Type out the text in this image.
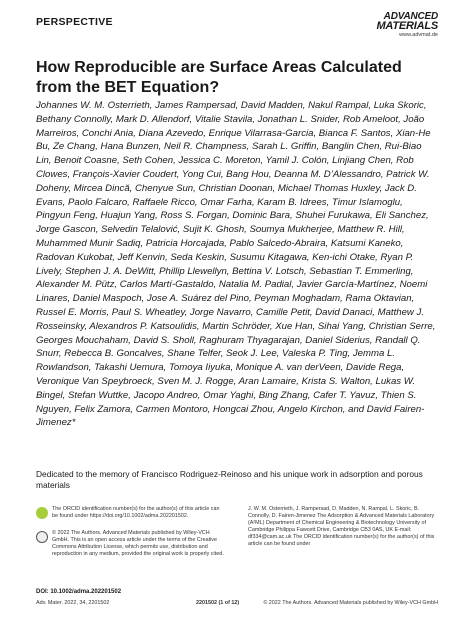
PERSPECTIVE	ADVANCED
MATERIALS
www.advmat.de
How Reproducible are Surface Areas Calculated from the BET Equation?

Johannes W. M. Osterrieth, James Rampersad, David Madden, Nakul Rampal, Luka Skoric, Bethany Connolly, Mark D. Allendorf, Vitalie Stavila, Jonathan L. Snider, Rob Ameloot, João Marreiros, Conchi Ania, Diana Azevedo, Enrique Vilarrasa-Garcia, Bianca F. Santos, Xian-He Bu, Ze Chang, Hana Bunzen, Neil R. Champness, Sarah L. Griffin, Banglin Chen, Rui-Biao Lin, Benoit Coasne, Seth Cohen, Jessica C. Moreton, Yamil J. Colón, Linjiang Chen, Rob Clowes, François-Xavier Coudert, Yong Cui, Bang Hou, Deanna M. D’Alessandro, Patrick W. Doheny, Mircea Dincă, Chenyue Sun, Christian Doonan, Michael Thomas Huxley, Jack D. Evans, Paolo Falcaro, Raffaele Ricco, Omar Farha, Karam B. Idrees, Timur Islamoglu, Pingyun Feng, Huajun Yang, Ross S. Forgan, Dominic Bara, Shuhei Furukawa, Eli Sanchez, Jorge Gascon, Selvedin Telalović, Sujit K. Ghosh, Soumya Mukherjee, Matthew R. Hill, Muhammed Munir Sadiq, Patricia Horcajada, Pablo Salcedo-Abraira, Katsumi Kaneko, Radovan Kukobat, Jeff Kenvin, Seda Keskin, Susumu Kitagawa, Ken-ichi Otake, Ryan P. Lively, Stephen J. A. DeWitt, Phillip Llewellyn, Bettina V. Lotsch, Sebastian T. Emmerling, Alexander M. Pütz, Carlos Martí-Gastaldo, Natalia M. Padial, Javier García-Martínez, Noemi Linares, Daniel Maspoch, Jose A. Suárez del Pino, Peyman Moghadam, Rama Oktavian, Russel E. Morris, Paul S. Wheatley, Jorge Navarro, Camille Petit, David Danaci, Matthew J. Rosseinsky, Alexandros P. Katsoulidis, Martin Schröder, Xue Han, Sihai Yang, Christian Serre, Georges Mouchaham, David S. Sholl, Raghuram Thyagarajan, Daniel Siderius, Randall Q. Snurr, Rebecca B. Goncalves, Shane Telfer, Seok J. Lee, Valeska P. Ting, Jemma L. Rowlandson, Takashi Uemura, Tomoya Iiyuka, Monique A. van derVeen, Davide Rega, Veronique Van Speybroeck, Sven M. J. Rogge, Aran Lamaire, Krista S. Walton, Lukas W. Bingel, Stefan Wuttke, Jacopo Andreo, Omar Yaghi, Bing Zhang, Cafer T. Yavuz, Thien S. Nguyen, Felix Zamora, Carmen Montoro, Hongcai Zhou, Angelo Kirchon, and David Fairen-Jimenez*

Dedicated to the memory of Francisco Rodriguez-Reinoso and his unique work in adsorption and porous materials

The ORCID identification number(s) for the author(s) of this article can be found under https://doi.org/10.1002/adma.202201502.
© 2022 The Authors. Advanced Materials published by Wiley-VCH GmbH. This is an open access article under the terms of the Creative Commons Attribution License, which permits use, distribution and reproduction in any medium, provided the original work is properly cited.
DOI: 10.1002/adma.202201502
J. W. M. Osterrieth, J. Rampersad, D. Madden, N. Rampal, L. Skoric, B. Connolly, D. Fairen-Jimenez The Adsorption & Advanced Materials Laboratory (A²ML) Department of Chemical Engineering & Biotechnology University of Cambridge Philippa Fawcett Drive, Cambridge CB3 0AS, UK E-mail: df334@cam.ac.uk The ORCID identification number(s) for the author(s) of this article can be found under
Adv. Mater. 2022, 34, 2201502	2201502 (1 of 12)	© 2022 The Authors. Advanced Materials published by Wiley-VCH GmbH
